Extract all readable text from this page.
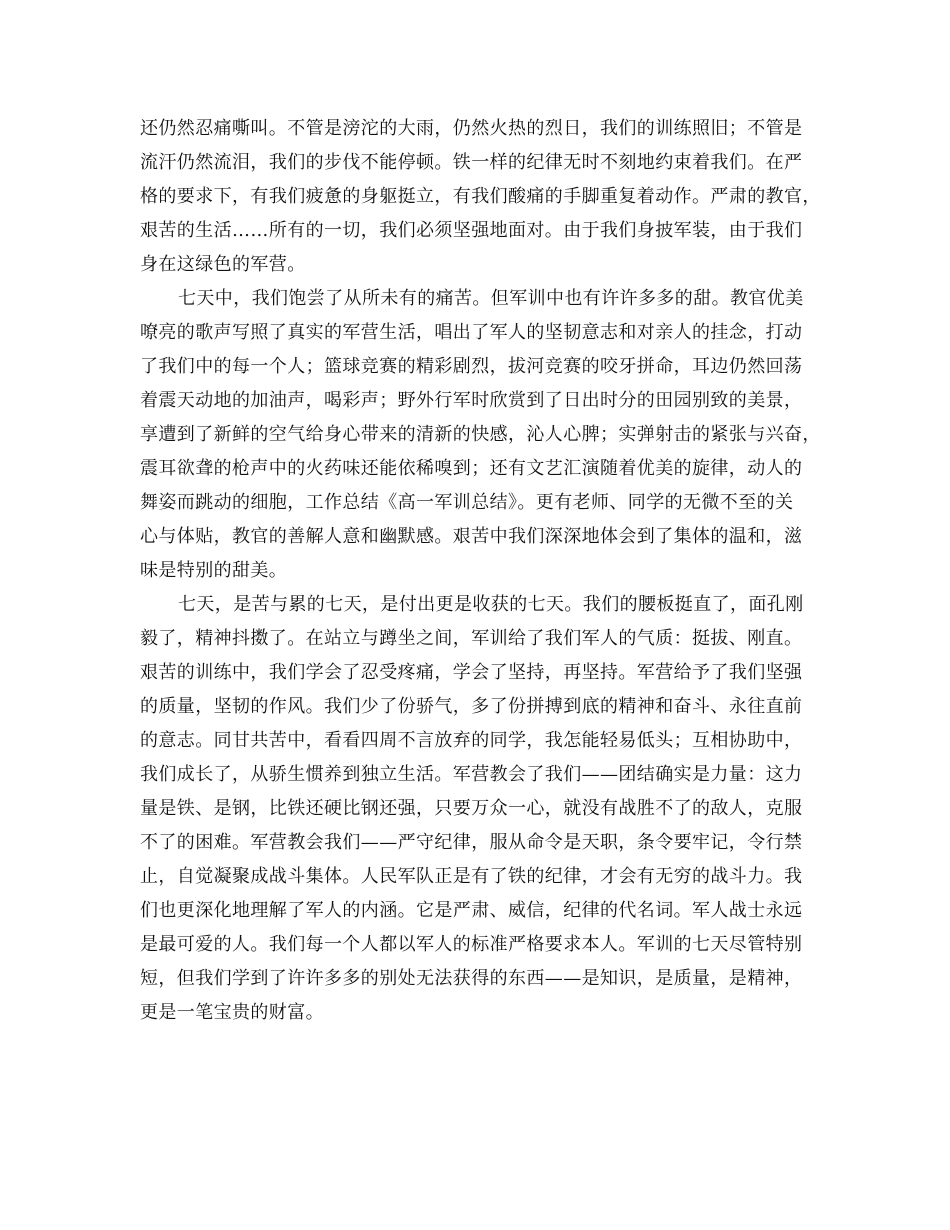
还仍然忍痛嘶叫。不管是滂沱的大雨，仍然火热的烈日，我们的训练照旧；不管是
流汗仍然流泪，我们的步伐不能停顿。铁一样的纪律无时不刻地约束着我们。在严
格的要求下，有我们疲惫的身躯挺立，有我们酸痛的手脚重复着动作。严肃的教官，
艰苦的生活……所有的一切，我们必须坚强地面对。由于我们身披军装，由于我们
身在这绿色的军营。
七天中，我们饱尝了从所未有的痛苦。但军训中也有许许多多的甜。教官优美
嘹亮的歌声写照了真实的军营生活，唱出了军人的坚韧意志和对亲人的挂念，打动
了我们中的每一个人；篮球竞赛的精彩剧烈，拔河竞赛的咬牙拼命，耳边仍然回荡
着震天动地的加油声，喝彩声；野外行军时欣赏到了日出时分的田园别致的美景，
享遭到了新鲜的空气给身心带来的清新的快感，沁人心脾；实弹射击的紧张与兴奋，
震耳欲聋的枪声中的火药味还能依稀嗅到；还有文艺汇演随着优美的旋律，动人的
舞姿而跳动的细胞，工作总结《高一军训总结》。更有老师、同学的无微不至的关
心与体贴，教官的善解人意和幽默感。艰苦中我们深深地体会到了集体的温和，滋
味是特别的甜美。
七天，是苦与累的七天，是付出更是收获的七天。我们的腰板挺直了，面孔刚
毅了，精神抖擞了。在站立与蹲坐之间，军训给了我们军人的气质：挺拔、刚直。
艰苦的训练中，我们学会了忍受疼痛，学会了坚持，再坚持。军营给予了我们坚强
的质量，坚韧的作风。我们少了份骄气，多了份拼搏到底的精神和奋斗、永往直前
的意志。同甘共苦中，看看四周不言放弃的同学，我怎能轻易低头；互相协助中，
我们成长了，从骄生惯养到独立生活。军营教会了我们——团结确实是力量：这力
量是铁、是钢，比铁还硬比钢还强，只要万众一心，就没有战胜不了的敌人，克服
不了的困难。军营教会我们——严守纪律，服从命令是天职，条令要牢记，令行禁
止，自觉凝聚成战斗集体。人民军队正是有了铁的纪律，才会有无穷的战斗力。我
们也更深化地理解了军人的内涵。它是严肃、威信，纪律的代名词。军人战士永远
是最可爱的人。我们每一个人都以军人的标准严格要求本人。军训的七天尽管特别
短，但我们学到了许许多多的别处无法获得的东西——是知识，是质量，是精神，
更是一笔宝贵的财富。
